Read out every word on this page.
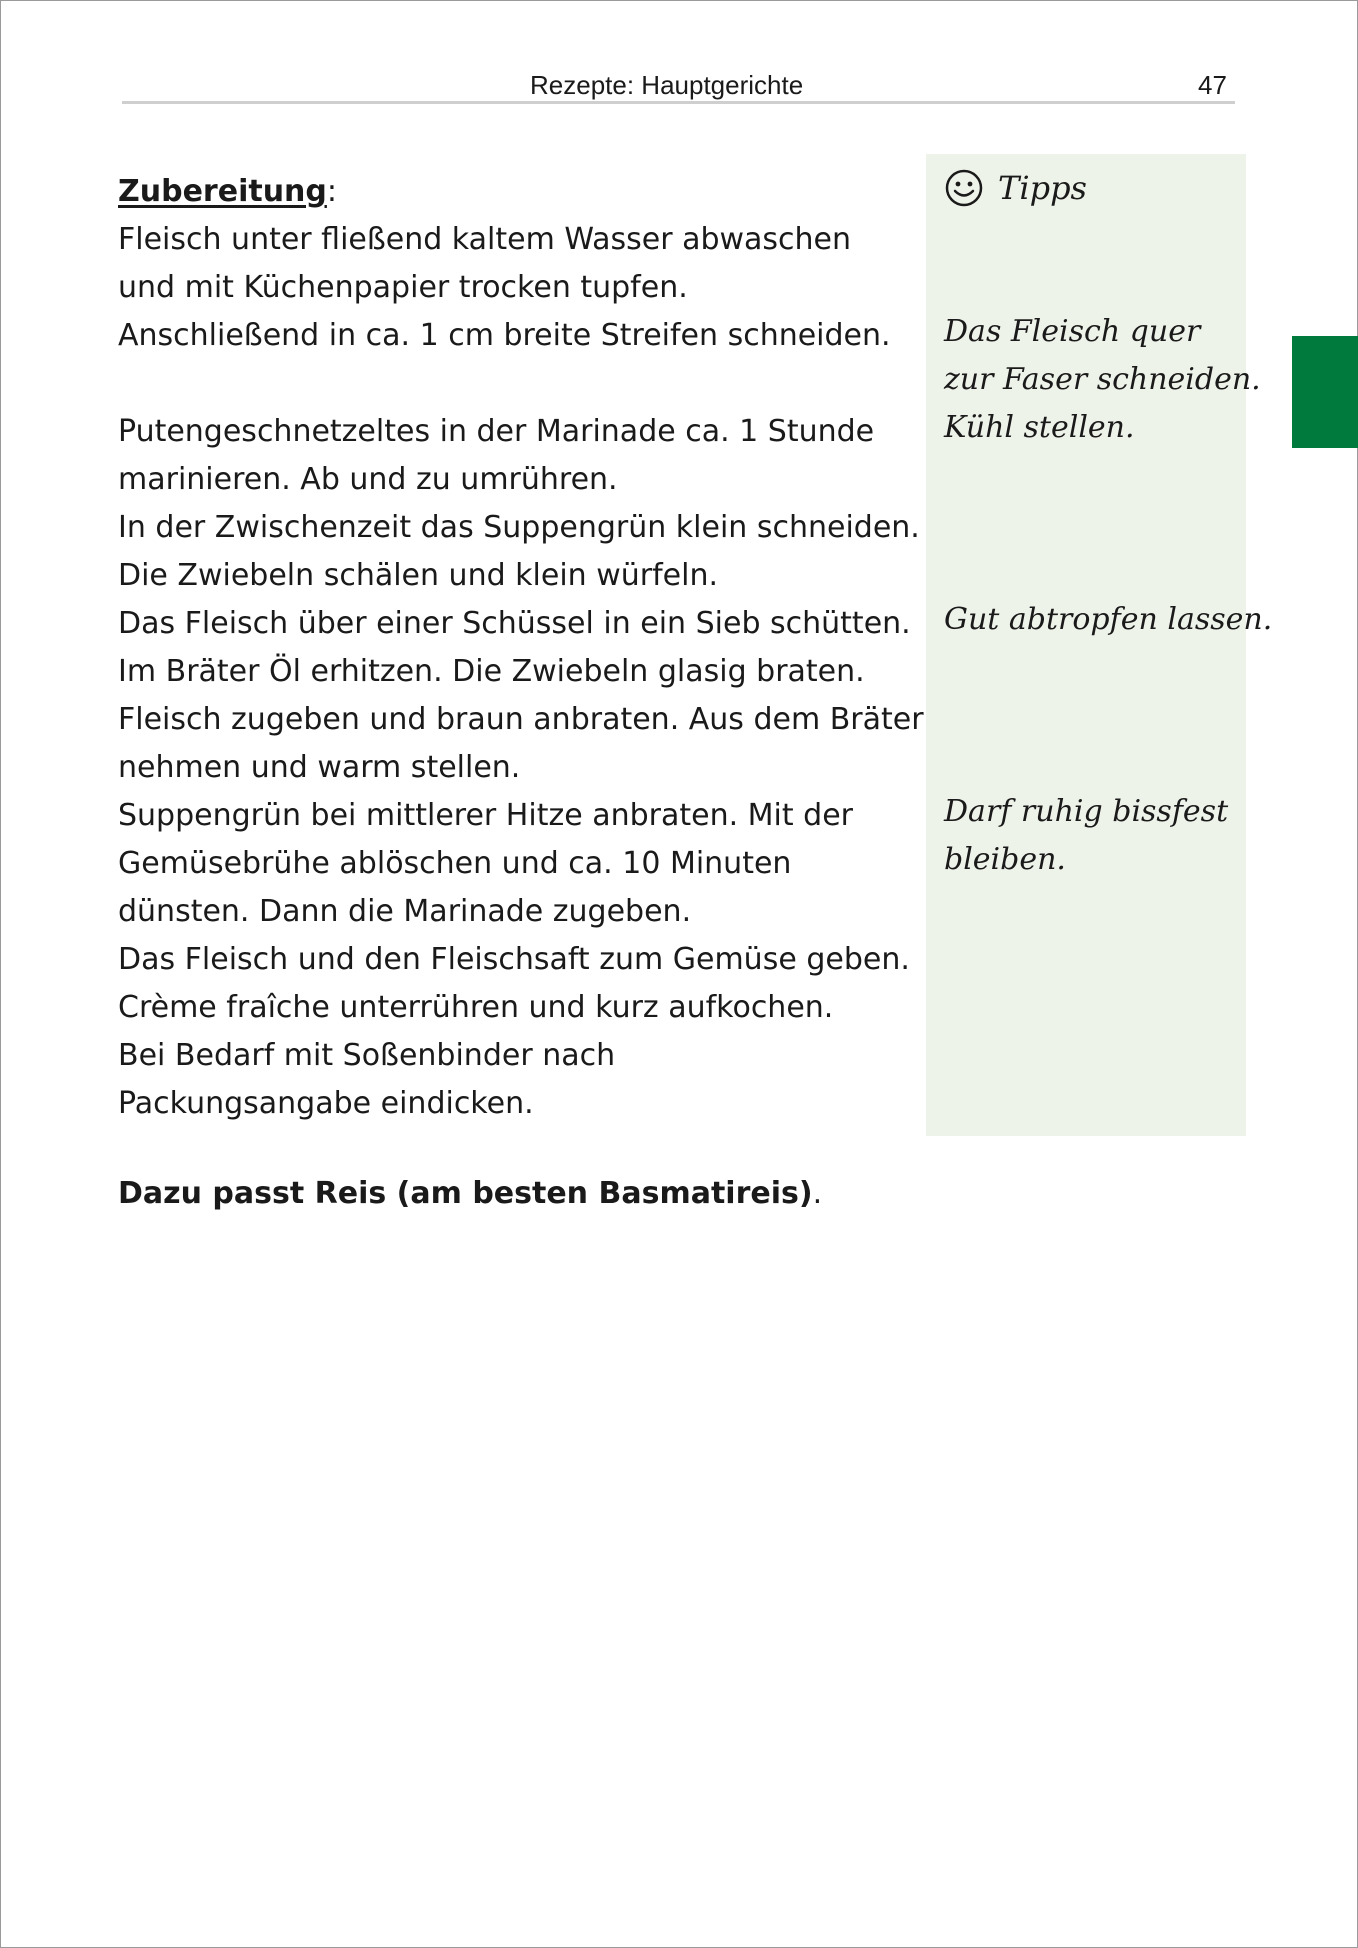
Rezepte: Hauptgerichte	47
Zubereitung:
Fleisch unter fließend kaltem Wasser abwaschen
und mit Küchenpapier trocken tupfen.
Anschließend in ca. 1 cm breite Streifen schneiden.
Putengeschnetzeltes in der Marinade ca. 1 Stunde
marinieren. Ab und zu umrühren.
In der Zwischenzeit das Suppengrün klein schneiden.
Die Zwiebeln schälen und klein würfeln.
Das Fleisch über einer Schüssel in ein Sieb schütten.
Im Bräter Öl erhitzen. Die Zwiebeln glasig braten.
Fleisch zugeben und braun anbraten. Aus dem Bräter
nehmen und warm stellen.
Suppengrün bei mittlerer Hitze anbraten. Mit der
Gemüsebrühe ablöschen und ca. 10 Minuten
dünsten. Dann die Marinade zugeben.
Das Fleisch und den Fleischsaft zum Gemüse geben.
Crème fraîche unterrühren und kurz aufkochen.
Bei Bedarf mit Soßenbinder nach
Packungsangabe eindicken.
Dazu passt Reis (am besten Basmatireis).
Tipps
Das Fleisch quer
zur Faser schneiden.
Kühl stellen.
Gut abtropfen lassen.
Darf ruhig bissfest
bleiben.
